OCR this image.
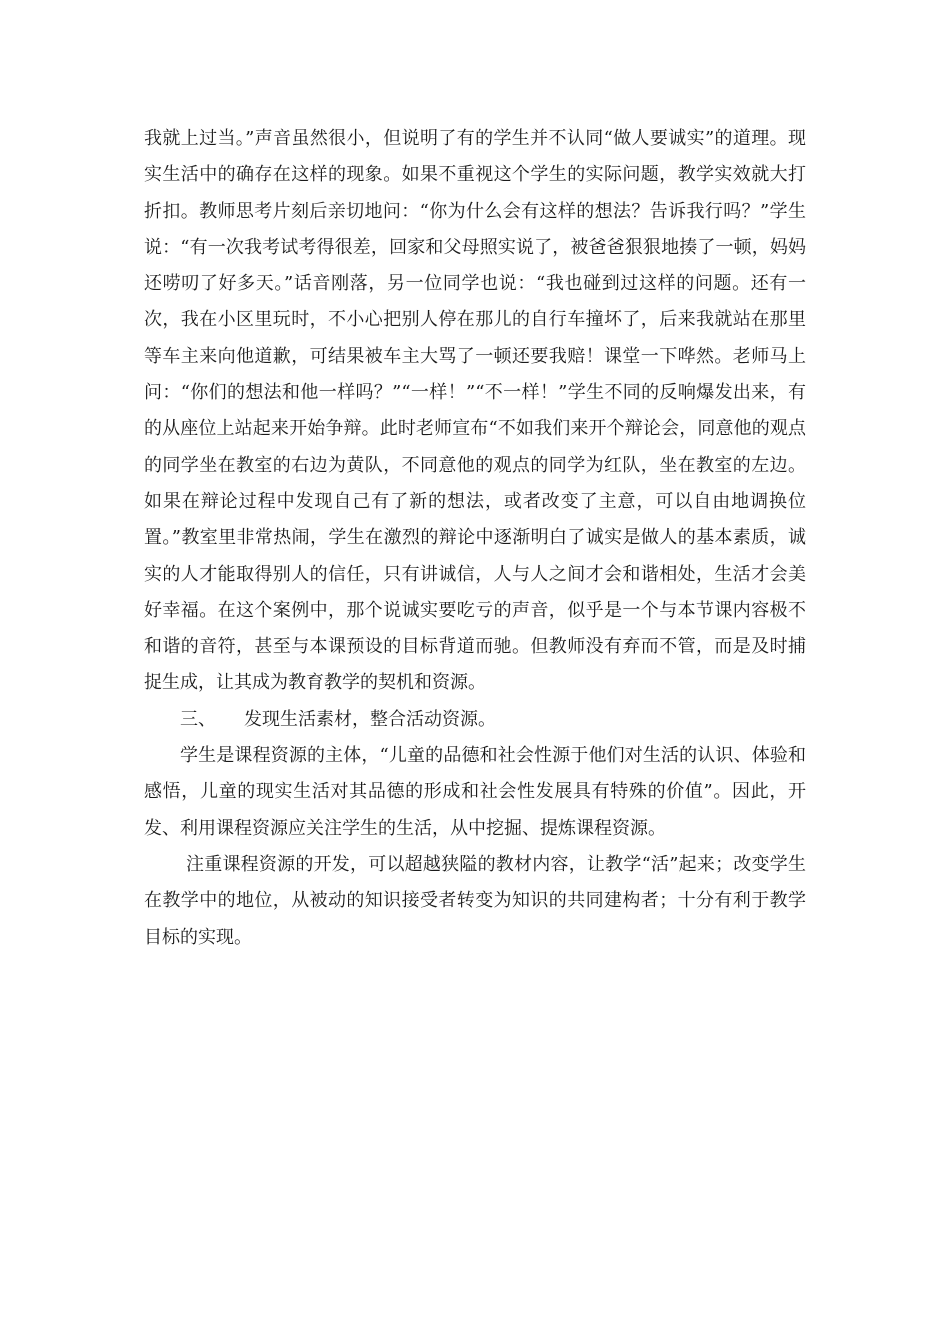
我就上过当。”声音虽然很小，但说明了有的学生并不认同“做人要诚实”的道理。现实生活中的确存在这样的现象。如果不重视这个学生的实际问题，教学实效就大打折扣。教师思考片刻后亲切地问：“你为什么会有这样的想法？告诉我行吗？”学生说：“有一次我考试考得很差，回家和父母照实说了，被爸爸狠狠地揍了一顿，妈妈还唠叨了好多天。”话音刚落，另一位同学也说：“我也碰到过这样的问题。还有一次，我在小区里玩时，不小心把别人停在那儿的自行车撞坏了，后来我就站在那里等车主来向他道歉，可结果被车主大骂了一顿还要我赔！课堂一下哗然。老师马上问：“你们的想法和他一样吗？”“一样！”“不一样！”学生不同的反响爆发出来，有的从座位上站起来开始争辩。此时老师宣布“不如我们来开个辩论会，同意他的观点的同学坐在教室的右边为黄队，不同意他的观点的同学为红队，坐在教室的左边。如果在辩论过程中发现自己有了新的想法，或者改变了主意，可以自由地调换位置。”教室里非常热闹，学生在激烈的辩论中逐渐明白了诚实是做人的基本素质，诚实的人才能取得别人的信任，只有讲诚信，人与人之间才会和谐相处，生活才会美好幸福。在这个案例中，那个说诚实要吃亏的声音，似乎是一个与本节课内容极不和谐的音符，甚至与本课预设的目标背道而驰。但教师没有弃而不管，而是及时捕捉生成，让其成为教育教学的契机和资源。

三、 发现生活素材，整合活动资源。

学生是课程资源的主体，“儿童的品德和社会性源于他们对生活的认识、体验和感悟，儿童的现实生活对其品德的形成和社会性发展具有特殊的价值”。因此，开发、利用课程资源应关注学生的生活，从中挖掘、提炼课程资源。

注重课程资源的开发，可以超越狭隘的教材内容，让教学“活”起来；改变学生在教学中的地位，从被动的知识接受者转变为知识的共同建构者；十分有利于教学目标的实现。
